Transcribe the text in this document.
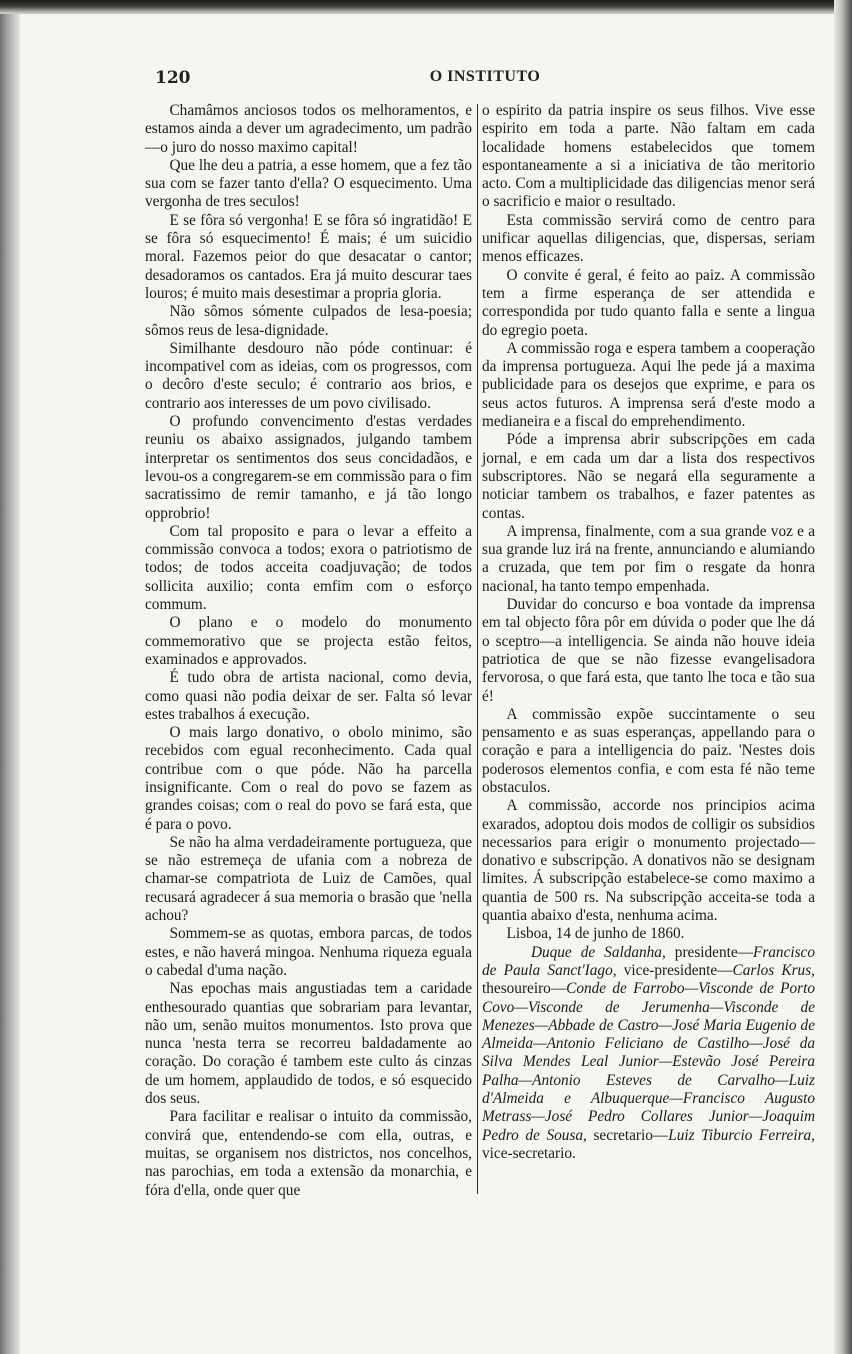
120	O INSTITUTO

Chamâmos anciosos todos os melhoramentos, e estamos ainda a dever um agradecimento, um padrão—o juro do nosso maximo capital!

Que lhe deu a patria, a esse homem, que a fez tão sua com se fazer tanto d'ella? O esquecimento. Uma vergonha de tres seculos!

E se fôra só vergonha! E se fôra só ingratidão! E se fôra só esquecimento! É mais; é um suicidio moral. Fazemos peior do que desacatar o cantor; desadoramos os cantados. Era já muito descurar taes louros; é muito mais desestimar a propria gloria.

Não sômos sómente culpados de lesa-poesia; sômos reus de lesa-dignidade.

Similhante desdouro não póde continuar: é incompativel com as ideias, com os progressos, com o decôro d'este seculo; é contrario aos brios, e contrario aos interesses de um povo civilisado.

O profundo convencimento d'estas verdades reuniu os abaixo assignados, julgando tambem interpretar os sentimentos dos seus concidadãos, e levou-os a congregarem-se em commissão para o fim sacratissimo de remir tamanho, e já tão longo opprobrio!

Com tal proposito e para o levar a effeito a commissão convoca a todos; exora o patriotismo de todos; de todos acceita coadjuvação; de todos sollicita auxilio; conta emfim com o esforço commum.

O plano e o modelo do monumento commemorativo que se projecta estão feitos, examinados e approvados.

É tudo obra de artista nacional, como devia, como quasi não podia deixar de ser. Falta só levar estes trabalhos á execução.

O mais largo donativo, o obolo minimo, são recebidos com egual reconhecimento. Cada qual contribue com o que póde. Não ha parcella insignificante. Com o real do povo se fazem as grandes coisas; com o real do povo se fará esta, que é para o povo.

Se não ha alma verdadeiramente portugueza, que se não estremeça de ufania com a nobreza de chamar-se compatriota de Luiz de Camões, qual recusará agradecer á sua memoria o brasão que 'nella achou?

Sommem-se as quotas, embora parcas, de todos estes, e não haverá mingoa. Nenhuma riqueza eguala o cabedal d'uma nação.

Nas epochas mais angustiadas tem a caridade enthesourado quantias que sobrariam para levantar, não um, senão muitos monumentos. Isto prova que nunca 'nesta terra se recorreu baldadamente ao coração. Do coração é tambem este culto ás cinzas de um homem, applaudido de todos, e só esquecido dos seus.

Para facilitar e realisar o intuito da commissão, convirá que, entendendo-se com ella, outras, e muitas, se organisem nos districtos, nos concelhos, nas parochias, em toda a extensão da monarchia, e fóra d'ella, onde quer que

o espirito da patria inspire os seus filhos. Vive esse espirito em toda a parte. Não faltam em cada localidade homens estabelecidos que tomem espontaneamente a si a iniciativa de tão meritorio acto. Com a multiplicidade das diligencias menor será o sacrificio e maior o resultado.

Esta commissão servirá como de centro para unificar aquellas diligencias, que, dispersas, seriam menos efficazes.

O convite é geral, é feito ao paiz. A commissão tem a firme esperança de ser attendida e correspondida por tudo quanto falla e sente a lingua do egregio poeta.

A commissão roga e espera tambem a cooperação da imprensa portugueza. Aqui lhe pede já a maxima publicidade para os desejos que exprime, e para os seus actos futuros. A imprensa será d'este modo a medianeira e a fiscal do emprehendimento.

Póde a imprensa abrir subscripções em cada jornal, e em cada um dar a lista dos respectivos subscriptores. Não se negará ella seguramente a noticiar tambem os trabalhos, e fazer patentes as contas.

A imprensa, finalmente, com a sua grande voz e a sua grande luz irá na frente, annunciando e alumiando a cruzada, que tem por fim o resgate da honra nacional, ha tanto tempo empenhada.

Duvidar do concurso e boa vontade da imprensa em tal objecto fôra pôr em dúvida o poder que lhe dá o sceptro—a intelligencia. Se ainda não houve ideia patriotica de que se não fizesse evangelisadora fervorosa, o que fará esta, que tanto lhe toca e tão sua é!

A commissão expõe succintamente o seu pensamento e as suas esperanças, appellando para o coração e para a intelligencia do paiz. 'Nestes dois poderosos elementos confia, e com esta fé não teme obstaculos.

A commissão, accorde nos principios acima exarados, adoptou dois modos de colligir os subsidios necessarios para erigir o monumento projectado—donativo e subscripção. A donativos não se designam limites. Á subscripção estabelece-se como maximo a quantia de 500 rs. Na subscripção acceita-se toda a quantia abaixo d'esta, nenhuma acima.

Lisboa, 14 de junho de 1860.

Duque de Saldanha, presidente—Francisco de Paula Sanct'Iago, vice-presidente—Carlos Krus, thesoureiro—Conde de Farrobo—Visconde de Porto Covo—Visconde de Jerumenha—Visconde de Menezes—Abbade de Castro—José Maria Eugenio de Almeida—Antonio Feliciano de Castilho—José da Silva Mendes Leal Junior—Estevão José Pereira Palha—Antonio Esteves de Carvalho—Luiz d'Almeida e Albuquerque—Francisco Augusto Metrass—José Pedro Collares Junior—Joaquim Pedro de Sousa, secretario—Luiz Tiburcio Ferreira, vice-secretario.
